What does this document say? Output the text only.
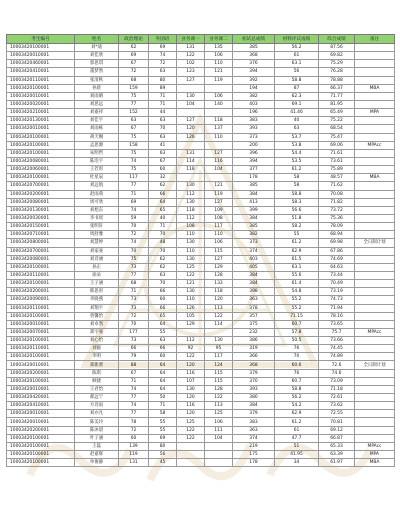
考生编号	姓名	政治理论	外国语	业务课一	业务课二	初试总成绩	材料评议成绩	综合成绩	备注
10003420100001	刘*迪	62	69	131	135	385	56.2	87.56	
10003420010001	刘佳欣	69	74	122	106	368	61	69.82	
10003420460001	郭思琪	67	72	102	110	376	63.1	75.29	
10003420410001	董梦然	72	63	123	121	394	56	76.28	
10003420110001	张清秋	68	80	127	119	392	58.8	78.88	
10003420100001	孙晨	159	89			194	87	66.37	MBA
10003420010001	刘雨晴	75	71	130	106	382	62.3	71.77	
10003420020001	刘思远	77	71	104	140	403	69.1	81.95	
10003420210001	刘嘉祥	152	44			196	41.46	65.49	MPA
10003420130001	刘佳宇	63	63	127	118	383	40	75.22	
10003420010001	刘雨栋	67	70	120	137	393	63	68.54	
10003420100001	胡天赐	75	63	126	110	373	53.7	75.47	
10003420100001	孟思源	158	41			200	53.8	69.06	MPAcc
10003420100001	朱明哲	75	63	131	127	396	54.4	71.61	
10003420080001	陈浩宇	74	67	114	116	394	53.5	73.61	
10003420060001	王若彤	75	60	118	104	377	61.2	75.89	
10003420100001	杜星辰	117	32			178	58	48.57	MBA
10003420700001	刘远航	77	62	130	121	385	58	71.62	
10003420200001	赵雨萌	71	66	112	119	384	58.8	70.08	
10003420080001	周可欣	69	64	130	127	413	58.3	71.82	
10003420130001	刘旭东	74	65	118	109	399	56.6	73.72	
10003420030001	李书瑶	59	40	112	108	384	51.8	75.36	
10003420150001	张明轩	70	71	108	117	385	58.2	78.09	
10003420710001	周舒雅	72	70	110	110	382	55	68.94	
10003420800001	刘慧婷	74	48	130	106	373	61.2	69.98	全日制计划
10003420700001	刘家豪	70	70	110	115	374	62.9	67.86	
10003420080001	刘诗涵	75	62	130	127	403	61.5	74.69	
10003420100001	孙正	73	62	125	129	405	63.1	64.63	
10003420110001	徐朵	77	63	122	128	384	55.6	73.44	
10003420100001	王子涵	68	70	121	133	384	61.4	70.49	
10003420200001	韩思彤	71	66	130	118	398	54.8	73.19	
10003420090001	李晓燕	73	60	110	120	363	55.2	74.73	
10003420110001	刘翔宇	73	66	126	113	378	55.2	71.94	
10003420100001	曾馨怡	72	65	105	122	357	71.15	78.16	
10003420010001	刘卓然	70	64	129	114	375	60.7	73.65	
10003420070001	郑宇豪	177	55			232	57.8	75.7	MPAcc
10003420100001	刘心怡	73	63	112	130	386	50.5	73.66	
10003420110001	刘毅	66	66	92	95	319	76	74.45	
10003420100001	李明	79	60	122	117	366	70	74.89	
10003420010001	郑新蕾	88	64	120	124	368	60.6	72.6	全日制计划
10003420200001	陈琪	67	64	116	115	379	76	74.6	
10003420100001	顾捷	71	64	107	115	370	60.7	73.09	
10003420010001	王君怡	74	64	130	128	393	58.8	71.18	
10003420420001	郝远宁	77	50	120	122	380	56.2	72.61	
10003420410001	方诗雨	74	71	116	113	384	54.2	73.62	
10003420010001	刘亦凡	77	58	120	125	379	62.9	72.55	
10003420010001	陈美玲	78	55	125	106	383	61.2	70.81	
10003420200001	陈沐晨	72	55	122	111	363	61	69.12	
10003420100001	叶子涵	60	69	122	104	374	47.7	66.87	
10003420100001	王磊	139	80			219	51	65.33	MPAcc
10003420100001	赵嘉辉	119	56			175	41.95	63.39	MPA
10003420100001	单俊静	131	45			178	34	61.97	MBA
